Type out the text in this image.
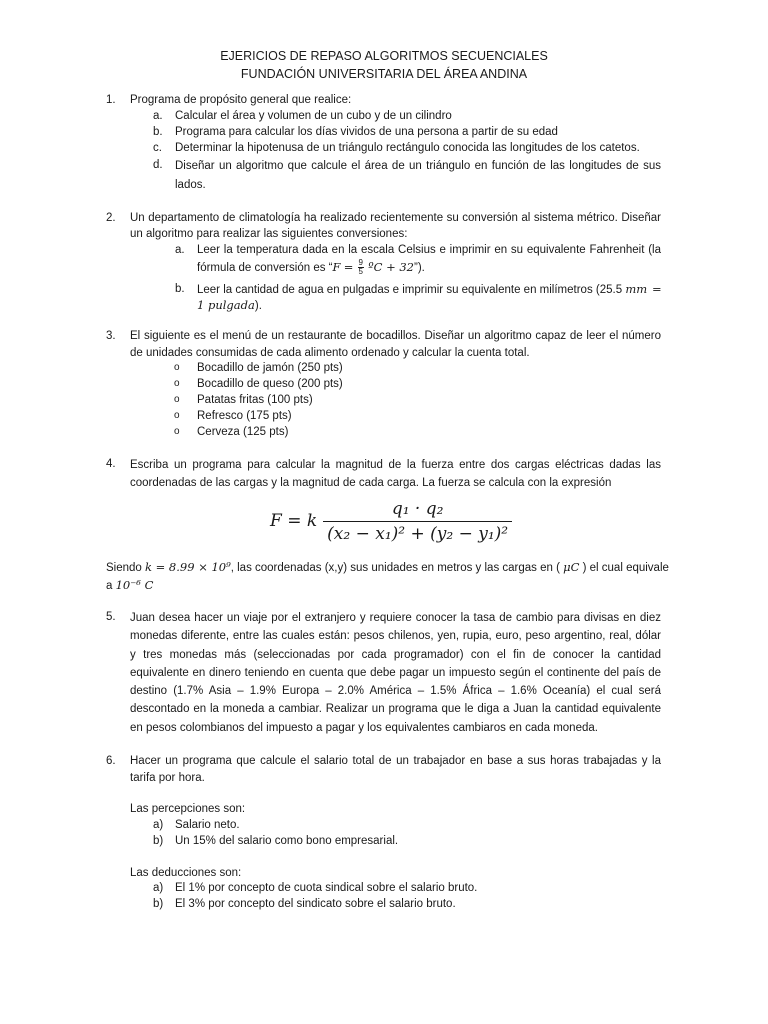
EJERICIOS DE REPASO ALGORITMOS SECUENCIALES
FUNDACIÓN UNIVERSITARIA DEL ÁREA ANDINA
1. Programa de propósito general que realice:
a. Calcular el área y volumen de un cubo y de un cilindro
b. Programa para calcular los días vividos de una persona a partir de su edad
c. Determinar la hipotenusa de un triángulo rectángulo conocida las longitudes de los catetos.
d. Diseñar un algoritmo que calcule el área de un triángulo en función de las longitudes de sus lados.
2. Un departamento de climatología ha realizado recientemente su conversión al sistema métrico. Diseñar un algoritmo para realizar las siguientes conversiones:
a. Leer la temperatura dada en la escala Celsius e imprimir en su equivalente Fahrenheit (la
fórmula de conversión es “$F = \frac{9}{5}$ ºC + 32”).
b. Leer la cantidad de agua en pulgadas e imprimir su equivalente en milímetros (25.5 mm =
1 pulgada).
3. El siguiente es el menú de un restaurante de bocadillos. Diseñar un algoritmo capaz de leer el número de unidades consumidas de cada alimento ordenado y calcular la cuenta total.
o Bocadillo de jamón (250 pts)
o Bocadillo de queso (200 pts)
o Patatas fritas (100 pts)
o Refresco (175 pts)
o Cerveza (125 pts)
4. Escriba un programa para calcular la magnitud de la fuerza entre dos cargas eléctricas dadas las coordenadas de las cargas y la magnitud de cada carga. La fuerza se calcula con la expresión
F = k $\frac{\text{q₁ · q₂}}{\text{(x₂ − x₁)² + (y₂ − y₁)²}}$
Siendo k = 8.99 × 10⁹, las coordenadas (x,y) sus unidades en metros y las cargas en ( μC ) el cual equivale
a 10⁻⁶ C
5. Juan desea hacer un viaje por el extranjero y requiere conocer la tasa de cambio para divisas en diez monedas diferente, entre las cuales están: pesos chilenos, yen, rupia, euro, peso argentino, real, dólar y tres monedas más (seleccionadas por cada programador) con el fin de conocer la cantidad equivalente en dinero teniendo en cuenta que debe pagar un impuesto según el continente del país de destino (1.7% Asia – 1.9% Europa – 2.0% América – 1.5% África – 1.6% Oceanía) el cual será descontado en la moneda a cambiar. Realizar un programa que le diga a Juan la cantidad equivalente en pesos colombianos del impuesto a pagar y los equivalentes cambiaros en cada moneda.
6. Hacer un programa que calcule el salario total de un trabajador en base a sus horas trabajadas y la tarifa por hora.
Las percepciones son:
a) Salario neto.
b) Un 15% del salario como bono empresarial.
Las deducciones son:
a) El 1% por concepto de cuota sindical sobre el salario bruto.
b) El 3% por concepto del sindicato sobre el salario bruto.
